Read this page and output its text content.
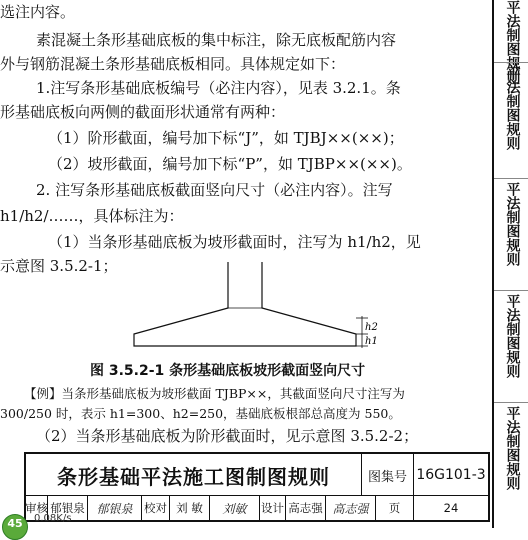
选注内容。
素混凝土条形基础底板的集中标注，除无底板配筋内容
外与钢筋混凝土条形基础底板相同。具体规定如下：
1.注写条形基础底板编号（必注内容），见表 3.2.1。条
形基础底板向两侧的截面形状通常有两种：
（1）阶形截面，编号加下标“J”，如 TJBJ××(××)；
（2）坡形截面，编号加下标“P”，如 TJBP××(××)。
2. 注写条形基础底板截面竖向尺寸（必注内容）。注写
h1/h2/……，具体标注为：
（1）当条形基础底板为坡形截面时，注写为 h1/h2，见
示意图 3.5.2-1；
h2
h1
图 3.5.2-1 条形基础底板坡形截面竖向尺寸
【例】当条形基础底板为坡形截面 TJBP××，其截面竖向尺寸注写为
300/250 时，表示 h1=300、h2=250，基础底板根部总高度为 550。
（2）当条形基础底板为阶形截面时，见示意图 3.5.2-2；
条形基础平法施工图制图规则	图集号 16G101-3
审核 郁银泉 郁银泉	校对 刘 敏	刘敏	设计 高志强 高志强	页	24
平法制图规则
平法制图规则
平法制图规则
平法制图规则
平法制图规则
45	0.08K/s
